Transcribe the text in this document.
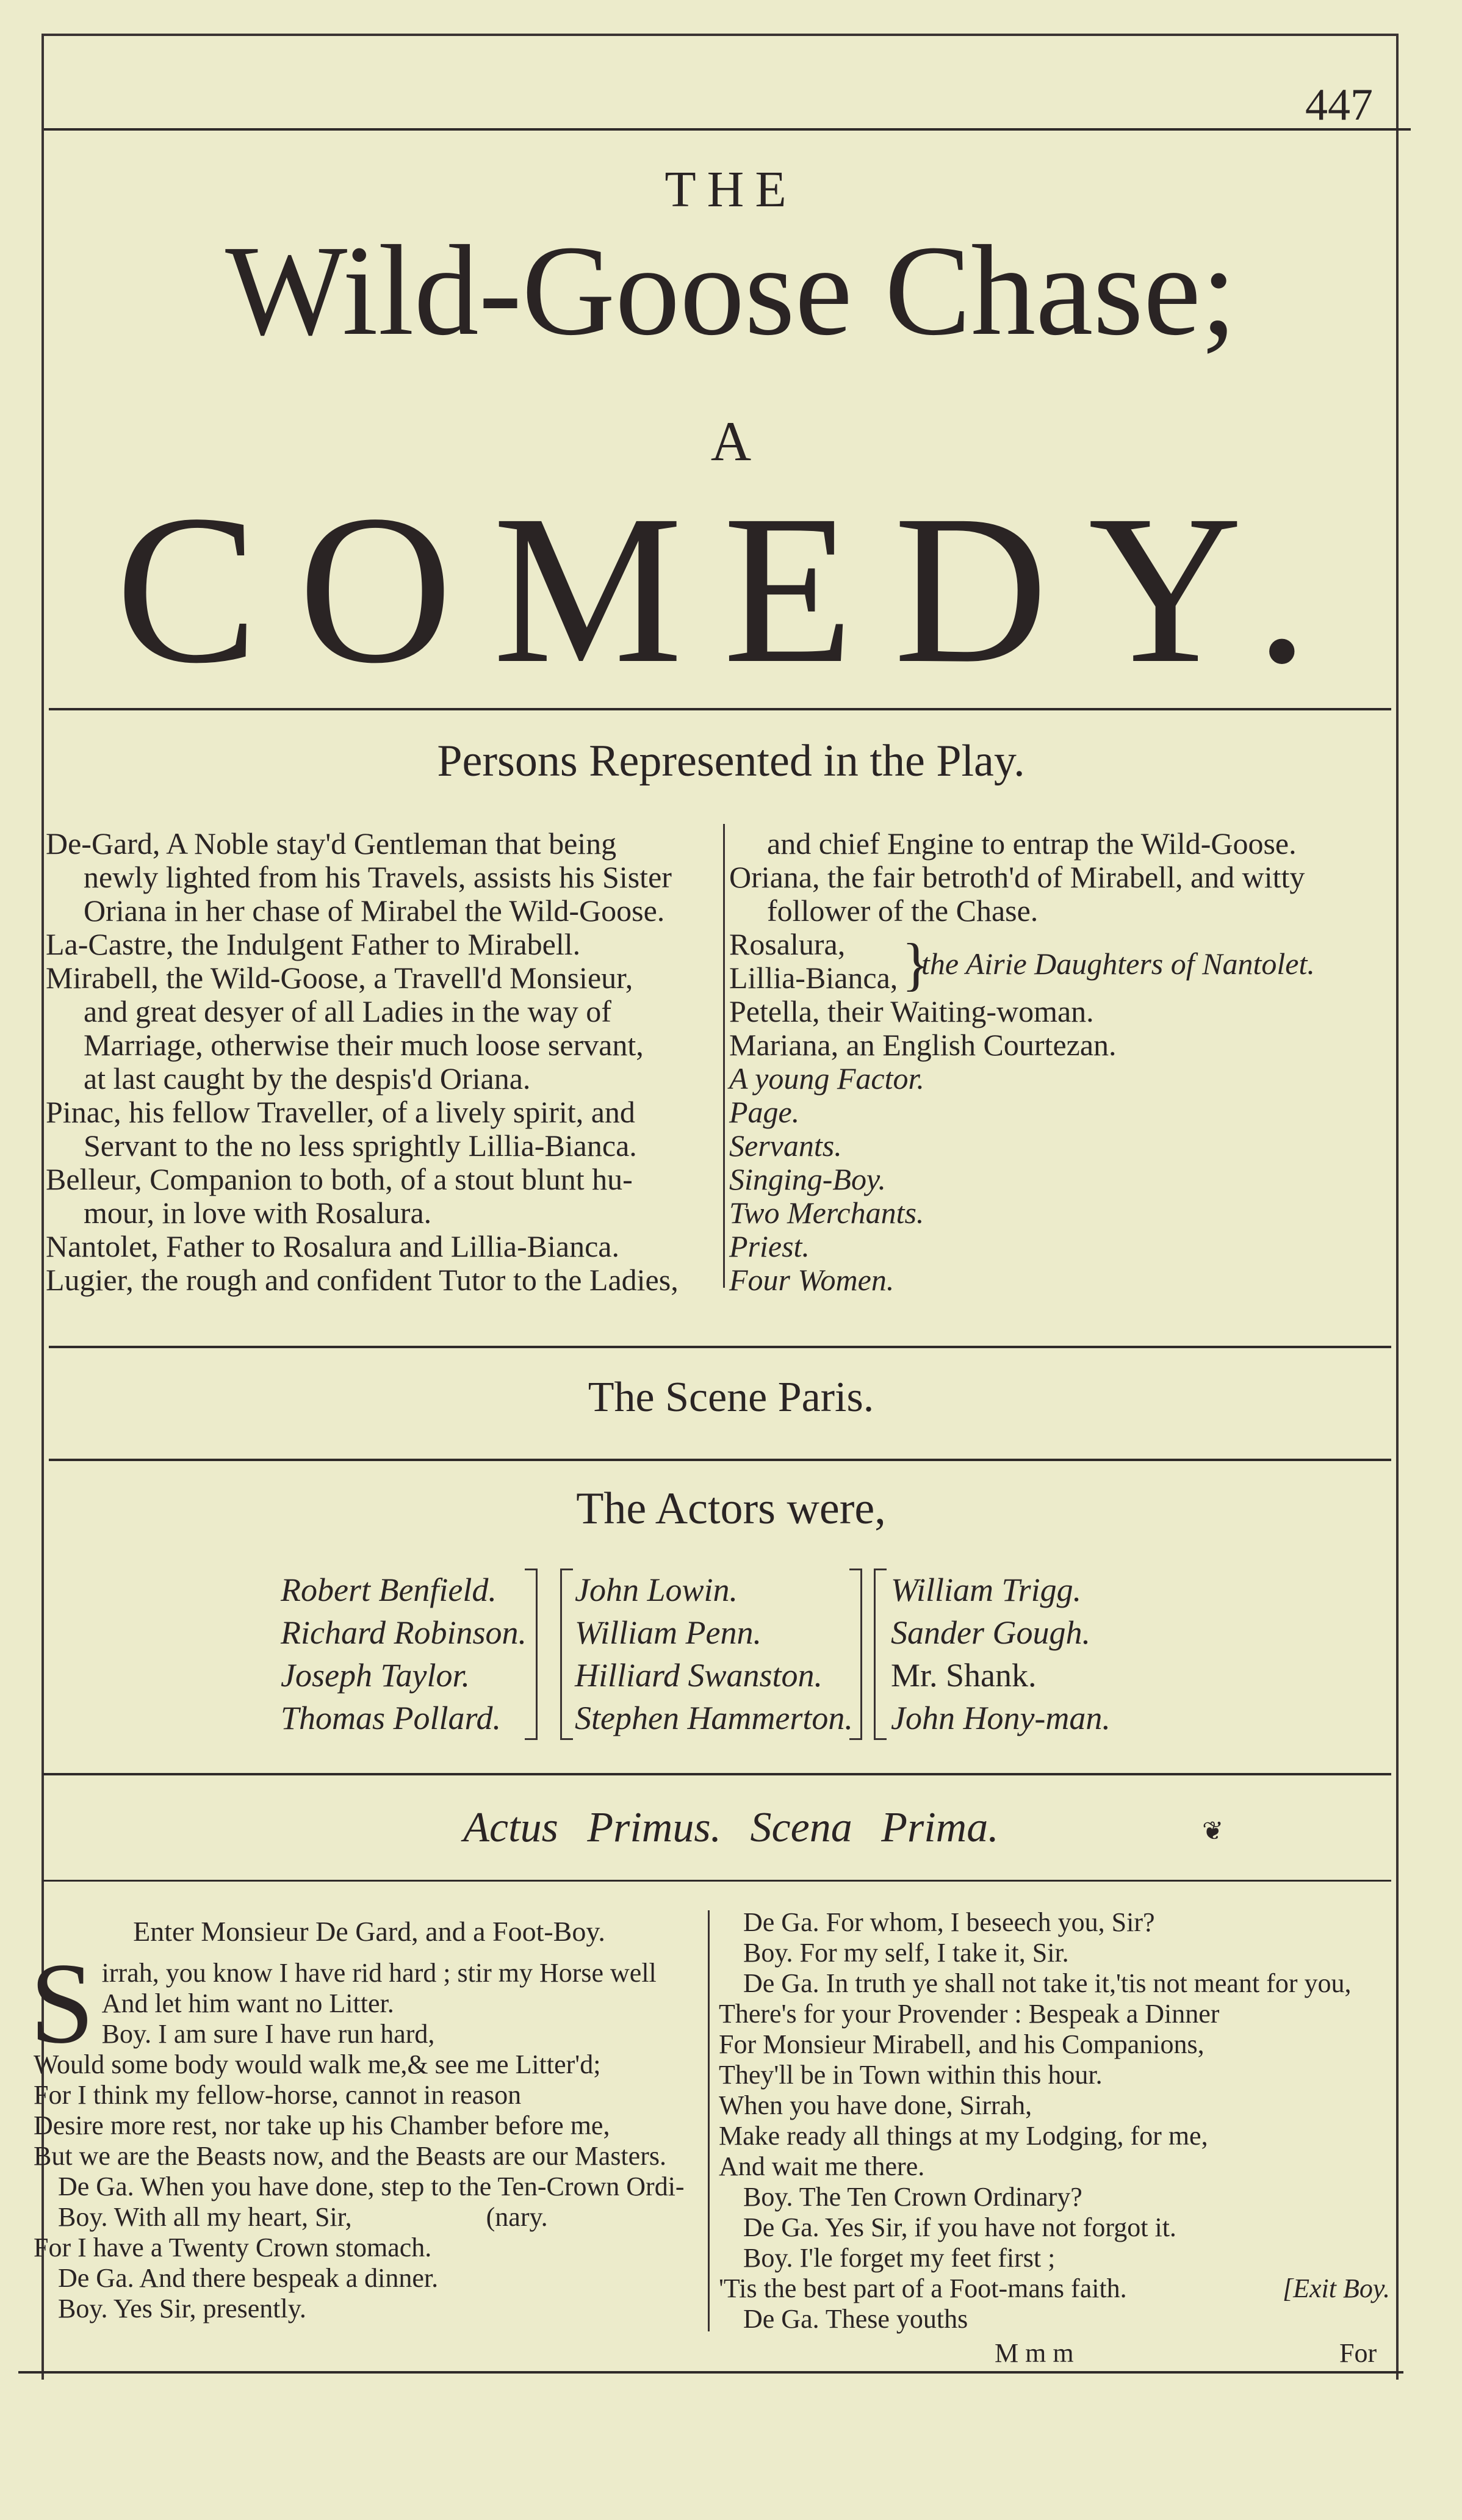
447
THE
Wild-Goose Chase;
A
COMEDY.
Persons Represented in the Play.

De-Gard, A Noble stay'd Gentleman that being

newly lighted from his Travels, assists his Sister

Oriana in her chase of Mirabel the Wild-Goose.

La-Castre, the Indulgent Father to Mirabell.

Mirabell, the Wild-Goose, a Travell'd Monsieur,

and great desyer of all Ladies in the way of

Marriage, otherwise their much loose servant,

at last caught by the despis'd Oriana.

Pinac, his fellow Traveller, of a lively spirit, and

Servant to the no less sprightly Lillia-Bianca.

Belleur, Companion to both, of a stout blunt hu-

mour, in love with Rosalura.

Nantolet, Father to Rosalura and Lillia-Bianca.

Lugier, the rough and confident Tutor to the Ladies,

and chief Engine to entrap the Wild-Goose.

Oriana, the fair betroth'd of Mirabell, and witty

follower of the Chase.

Rosalura,

Lillia-Bianca, }

the Airie Daughters of Nantolet.

Petella, their Waiting-woman.

Mariana, an English Courtezan.

A young Factor.

Page.

Servants.

Singing-Boy.

Two Merchants.

Priest.

Four Women.

The Scene Paris.
The Actors were,

Robert Benfield.

Richard Robinson.

Joseph Taylor.

Thomas Pollard.

John Lowin.

William Penn.

Hilliard Swanston.

Stephen Hammerton.

William Trigg.

Sander Gough.

Mr. Shank.

John Hony-man.

Actus Primus. Scena Prima.	❦

Enter Monsieur De Gard, and a Foot-Boy.

S irrah, you know I have rid hard ; stir my Horse well

And let him want no Litter.

Boy. I am sure I have run hard,

Would some body would walk me,& see me Litter'd;

For I think my fellow-horse, cannot in reason

Desire more rest, nor take up his Chamber before me,

But we are the Beasts now, and the Beasts are our Masters.

De Ga. When you have done, step to the Ten-Crown Ordi-

Boy. With all my heart, Sir,                    (nary.

For I have a Twenty Crown stomach.

De Ga. And there bespeak a dinner.

Boy. Yes Sir, presently.

De Ga. For whom, I beseech you, Sir?

Boy. For my self, I take it, Sir.

De Ga. In truth ye shall not take it,'tis not meant for you,

There's for your Provender : Bespeak a Dinner

For Monsieur Mirabell, and his Companions,

They'll be in Town within this hour.

When you have done, Sirrah,

Make ready all things at my Lodging, for me,

And wait me there.

Boy. The Ten Crown Ordinary?

De Ga. Yes Sir, if you have not forgot it.

Boy. I'le forget my feet first ;

'Tis the best part of a Foot-mans faith.	[Exit Boy.

De Ga. These youths

M m m	For
